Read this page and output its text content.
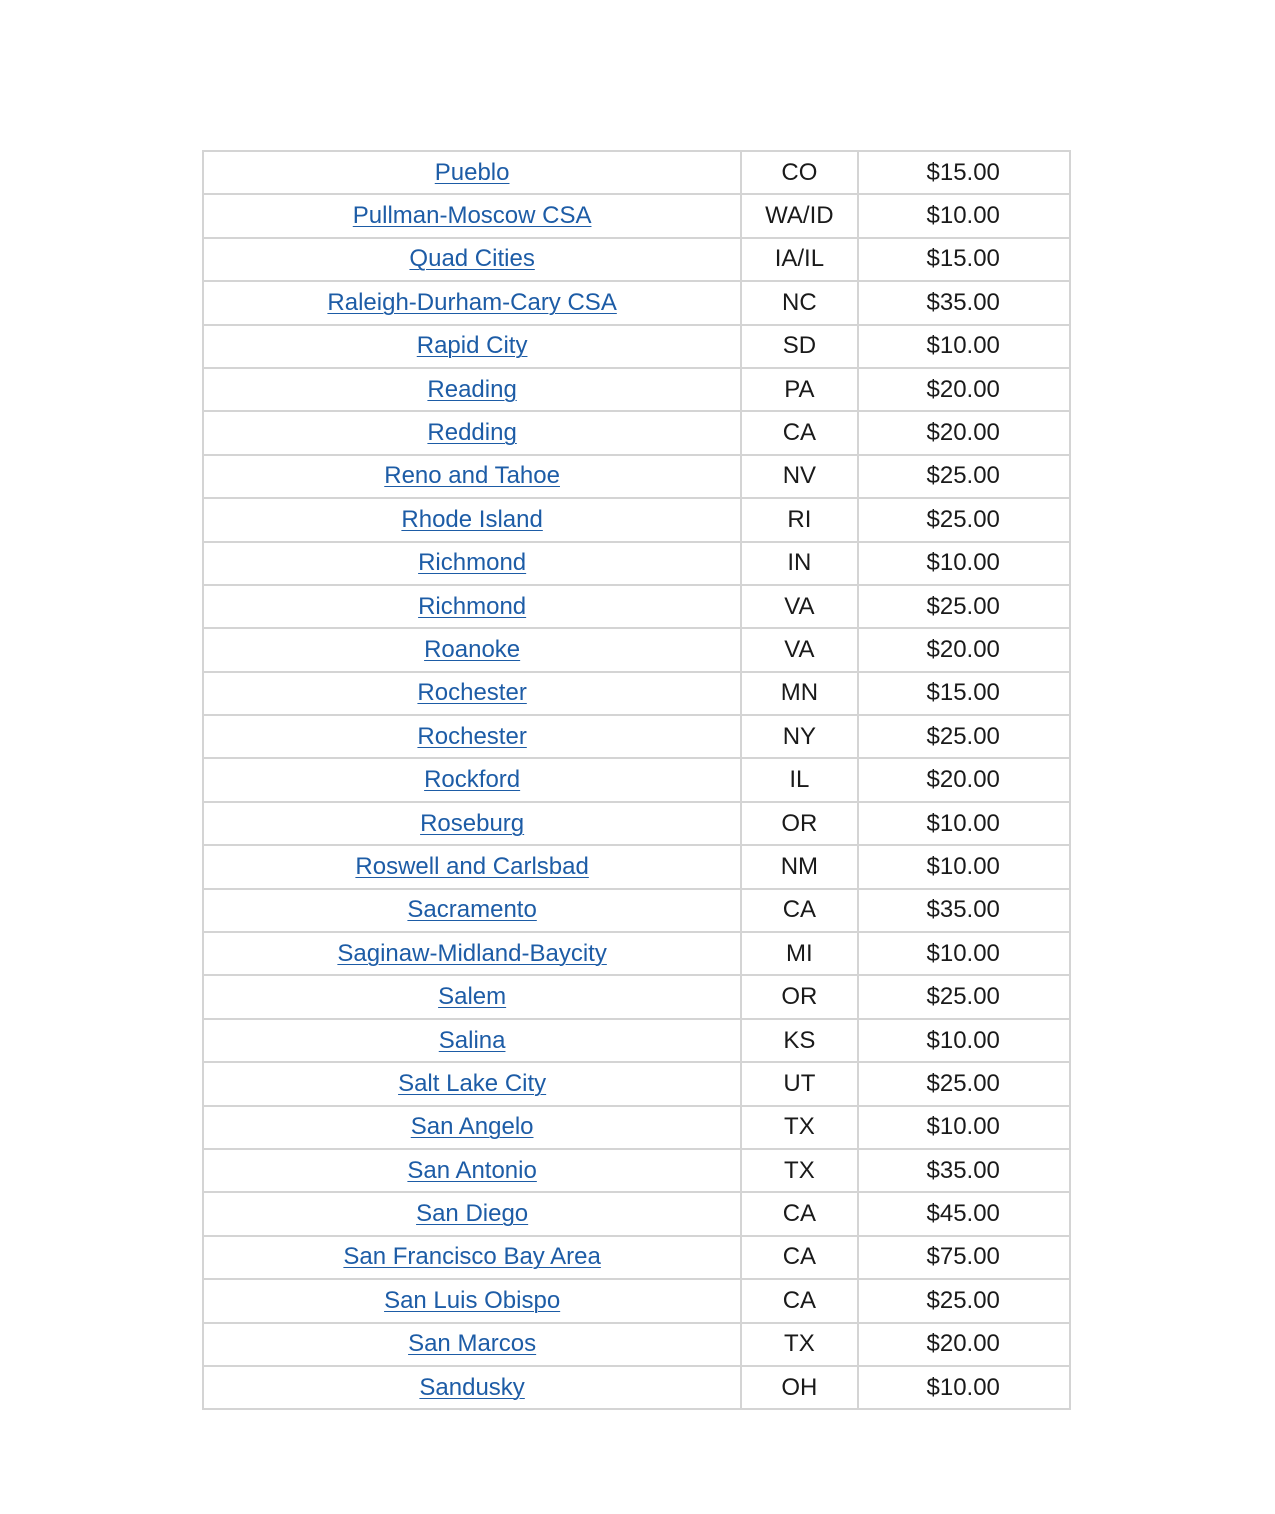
Pueblo	CO	$15.00
Pullman-Moscow CSA	WA/ID	$10.00
Quad Cities	IA/IL	$15.00
Raleigh-Durham-Cary CSA	NC	$35.00
Rapid City	SD	$10.00
Reading	PA	$20.00
Redding	CA	$20.00
Reno and Tahoe	NV	$25.00
Rhode Island	RI	$25.00
Richmond	IN	$10.00
Richmond	VA	$25.00
Roanoke	VA	$20.00
Rochester	MN	$15.00
Rochester	NY	$25.00
Rockford	IL	$20.00
Roseburg	OR	$10.00
Roswell and Carlsbad	NM	$10.00
Sacramento	CA	$35.00
Saginaw-Midland-Baycity	MI	$10.00
Salem	OR	$25.00
Salina	KS	$10.00
Salt Lake City	UT	$25.00
San Angelo	TX	$10.00
San Antonio	TX	$35.00
San Diego	CA	$45.00
San Francisco Bay Area	CA	$75.00
San Luis Obispo	CA	$25.00
San Marcos	TX	$20.00
Sandusky	OH	$10.00
